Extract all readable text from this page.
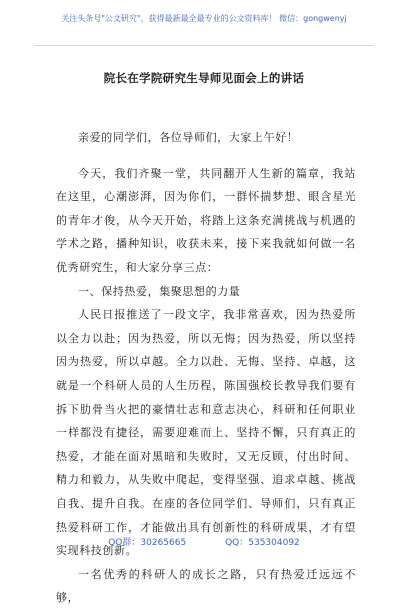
关注头条号"公文研究"，获得最新最全最专业的公文资料库！ 微信：gongwenyj
院长在学院研究生导师见面会上的讲话

亲爱的同学们，各位导师们，大家上午好！

今天，我们齐聚一堂，共同翻开人生新的篇章，我站在这里，心潮澎湃，因为你们，一群怀揣梦想、眼含星光的青年才俊，从今天开始，将踏上这条充满挑战与机遇的学术之路，播种知识，收获未来，接下来我就如何做一名优秀研究生，和大家分享三点：

一、保持热爱，集聚思想的力量

人民日报推送了一段文字，我非常喜欢，因为热爱所以全力以赴；因为热爱，所以无悔；因为热爱，所以坚持因为热爱，所以卓越。全力以赴、无悔、坚持、卓越，这就是一个科研人员的人生历程，陈国强校长教导我们要有拆下肋骨当火把的豪情壮志和意志决心，科研和任何职业一样都没有捷径，需要迎难而上、坚持不懈，只有真正的热爱，才能在面对黑暗和失败时，又无反顾，付出时间、精力和毅力，从失败中爬起，变得坚强、追求卓越、挑战自我、提升自我。在座的各位同学们、导师们，只有真正热爱科研工作，才能做出具有创新性的科研成果，才有望实现科技创新。

一名优秀的科研人的成长之路，只有热爱迁远远不够，

QQ群：30265665	QQ：535304092
